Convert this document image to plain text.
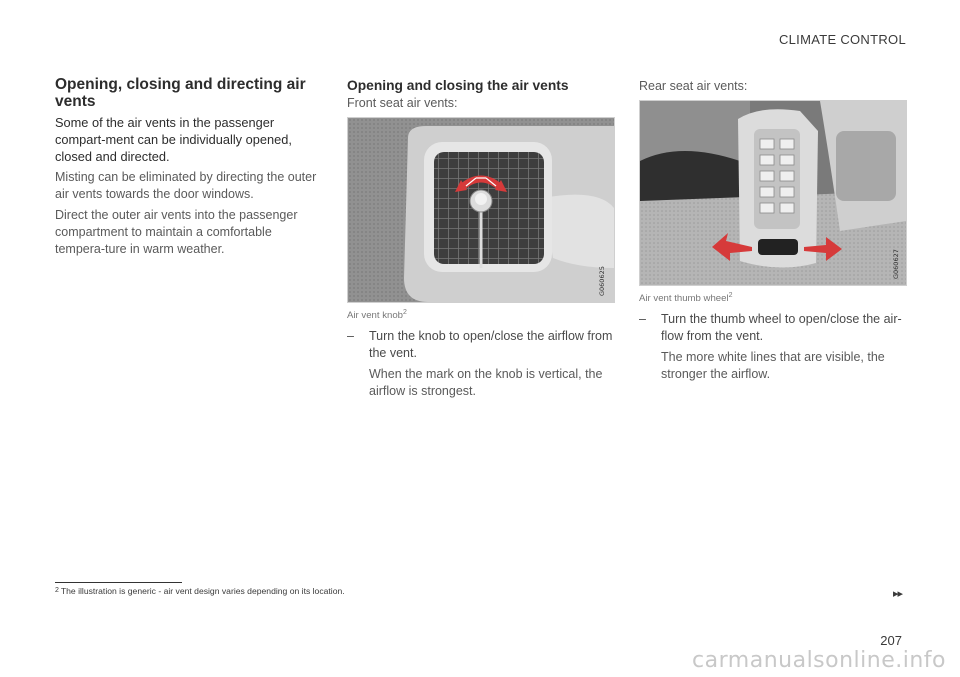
CLIMATE CONTROL
Opening, closing and directing air vents

Some of the air vents in the passenger compart-ment can be individually opened, closed and directed.

Misting can be eliminated by directing the outer air vents towards the door windows.

Direct the outer air vents into the passenger compartment to maintain a comfortable tempera-ture in warm weather.

Opening and closing the air vents

Front seat air vents:

G060625

Air vent knob$^2$

– Turn the knob to open/close the airflow from the vent.

When the mark on the knob is vertical, the airflow is strongest.

Rear seat air vents:

G060627

Air vent thumb wheel$^2$

– Turn the thumb wheel to open/close the air-flow from the vent.

The more white lines that are visible, the stronger the airflow.

$^2$ The illustration is generic - air vent design varies depending on its location.	▸▸
207
carmanualsonline.info
